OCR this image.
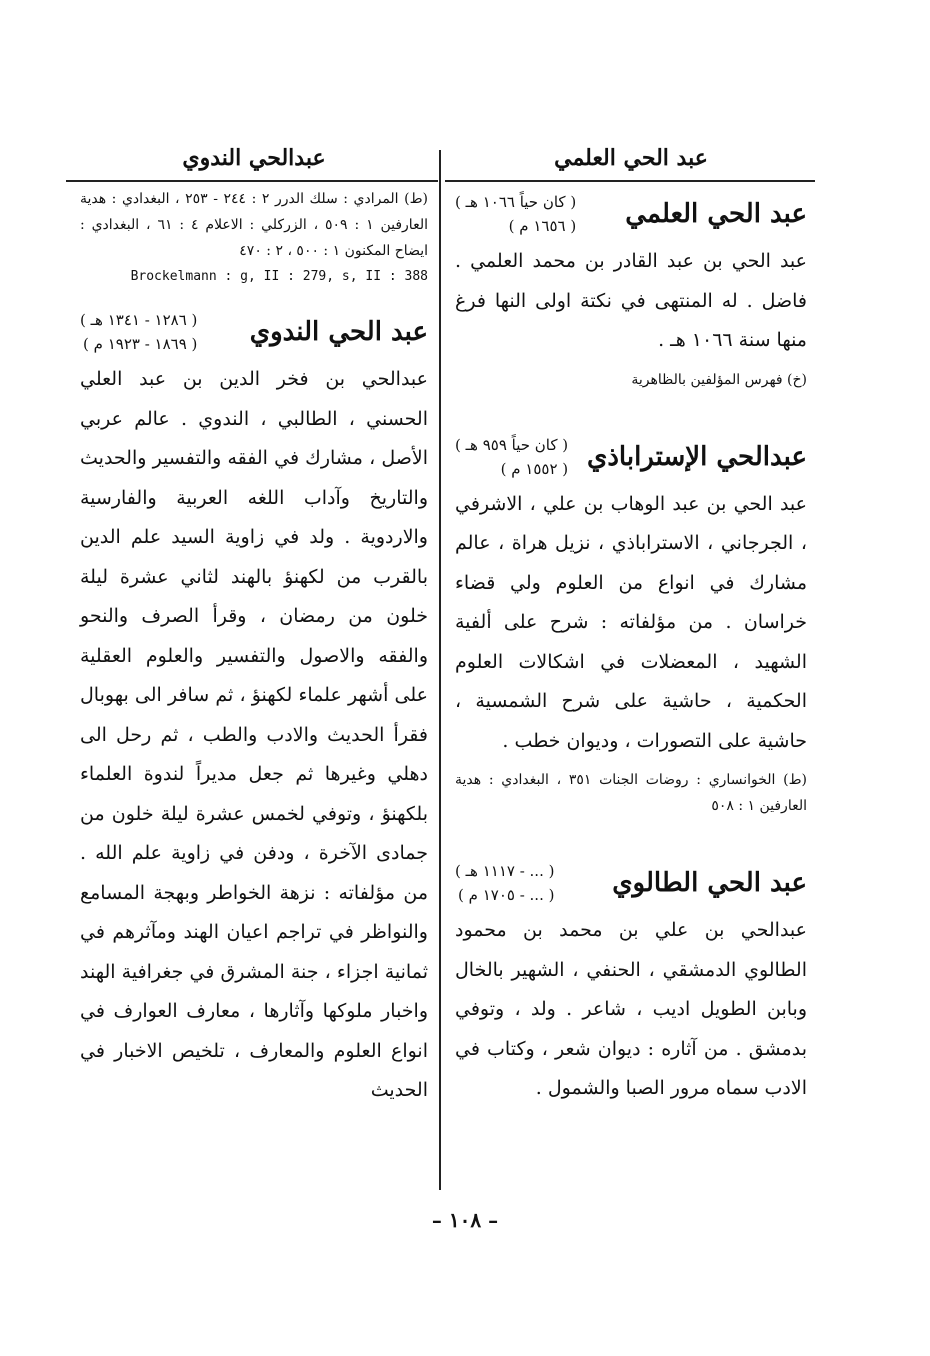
عبد الحي العلمي
عبد الحي العلمي
( كان حياً ١٠٦٦ هـ )
( ١٦٥٦ م )

عبد الحي بن عبد القادر بن محمد العلمي . فاضل . له المنتهى في نكتة اولى النها فرغ منها سنة ١٠٦٦ هـ .

(خ) فهرس المؤلفين بالظاهرية

عبدالحي الإستراباذي
( كان حياً ٩٥٩ هـ )
( ١٥٥٢ م )

عبد الحي بن عبد الوهاب بن علي ، الاشرفي ، الجرجاني ، الاستراباذي ، نزيل هراة ، عالم مشارك في انواع من العلوم ولي قضاء خراسان . من مؤلفاته : شرح على ألفية الشهيد ، المعضلات في اشكالات العلوم الحكمية ، حاشية على شرح الشمسية ، حاشية على التصورات ، وديوان خطب .

(ط) الخوانساري : روضات الجنات ٣٥١ ، البغدادي : هدية العارفين ١ : ٥٠٨

عبد الحي الطالوي
( ... - ١١١٧ هـ )
( ... - ١٧٠٥ م )

عبدالحي بن علي بن محمد بن محمود الطالوي الدمشقي ، الحنفي ، الشهير بالخال وبابن الطويل اديب ، شاعر . ولد ، وتوفي بدمشق . من آثاره : ديوان شعر ، وكتاب في الادب سماه مرور الصبا والشمول .

عبدالحي الندوي

(ط) المرادي : سلك الدرر ٢ : ٢٤٤ - ٢٥٣ ، البغدادي : هدية العارفين ١ : ٥٠٩ ، الزركلي : الاعلام ٤ : ٦١ ، البغدادي : ايضاح المكنون ١ : ٥٠٠ ، ٢ : ٤٧٠

Brockelmann : g, II : 279, s, II : 388
عبد الحي الندوي
( ١٢٨٦ - ١٣٤١ هـ )
( ١٨٦٩ - ١٩٢٣ م )

عبدالحي بن فخر الدين بن عبد العلي الحسني ، الطالبي ، الندوي . عالم عربي الأصل ، مشارك في الفقه والتفسير والحديث والتاريخ وآداب اللغه العربية والفارسية والاردوية . ولد في زاوية السيد علم الدين بالقرب من لكهنؤ بالهند لثاني عشرة ليلة خلون من رمضان ، وقرأ الصرف والنحو والفقه والاصول والتفسير والعلوم العقلية على أشهر علماء لكهنؤ ، ثم سافر الى بهوبال فقرأ الحديث والادب والطب ، ثم رحل الى دهلي وغيرها ثم جعل مديراً لندوة العلماء بلكهنؤ ، وتوفي لخمس عشرة ليلة خلون من جمادى الآخرة ، ودفن في زاوية علم الله . من مؤلفاته : نزهة الخواطر وبهجة المسامع والنواظر في تراجم اعيان الهند ومآثرهم في ثمانية اجزاء ، جنة المشرق في جغرافية الهند واخبار ملوكها وآثارها ، معارف العوارف في انواع العلوم والمعارف ، تلخيص الاخبار في الحديث

– ١٠٨ –
